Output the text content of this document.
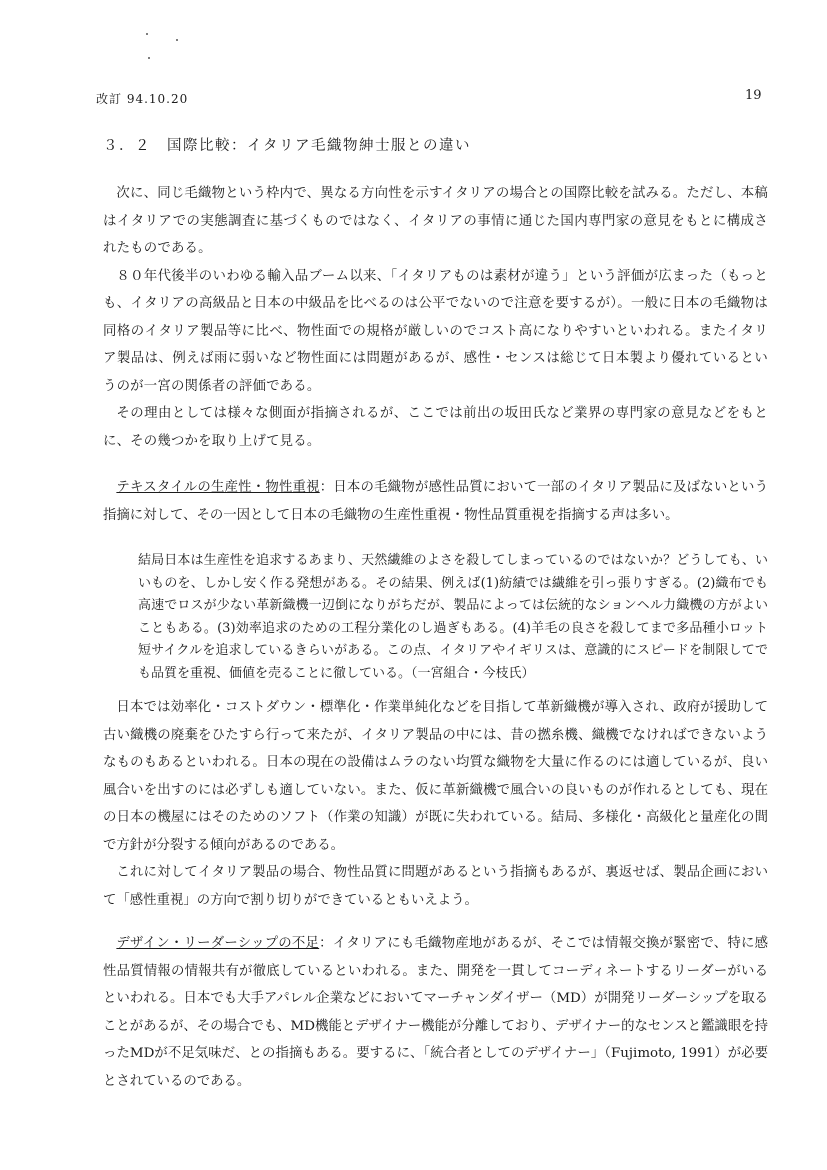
改訂 94.10.20	19
３．２　国際比較：イタリア毛織物紳士服との違い

次に、同じ毛織物という枠内で、異なる方向性を示すイタリアの場合との国際比較を試みる。ただし、本稿はイタリアでの実態調査に基づくものではなく、イタリアの事情に通じた国内専門家の意見をもとに構成されたものである。

８０年代後半のいわゆる輸入品ブーム以来、「イタリアものは素材が違う」という評価が広まった（もっとも、イタリアの高級品と日本の中級品を比べるのは公平でないので注意を要するが）。一般に日本の毛織物は同格のイタリア製品等に比べ、物性面での規格が厳しいのでコスト高になりやすいといわれる。またイタリア製品は、例えば雨に弱いなど物性面には問題があるが、感性・センスは総じて日本製より優れているというのが一宮の関係者の評価である。

その理由としては様々な側面が指摘されるが、ここでは前出の坂田氏など業界の専門家の意見などをもとに、その幾つかを取り上げて見る。

テキスタイルの生産性・物性重視：日本の毛織物が感性品質において一部のイタリア製品に及ばないという指摘に対して、その一因として日本の毛織物の生産性重視・物性品質重視を指摘する声は多い。

結局日本は生産性を追求するあまり、天然繊維のよさを殺してしまっているのではないか？どうしても、いいものを、しかし安く作る発想がある。その結果、例えば(1)紡績では繊維を引っ張りすぎる。(2)織布でも高速でロスが少ない革新織機一辺倒になりがちだが、製品によっては伝統的なションヘル力織機の方がよいこともある。(3)効率追求のための工程分業化のし過ぎもある。(4)羊毛の良さを殺してまで多品種小ロット短サイクルを追求しているきらいがある。この点、イタリアやイギリスは、意識的にスピードを制限してでも品質を重視、価値を売ることに徹している。（一宮組合・今枝氏）

日本では効率化・コストダウン・標準化・作業単純化などを目指して革新織機が導入され、政府が援助して古い織機の廃棄をひたすら行って来たが、イタリア製品の中には、昔の撚糸機、織機でなければできないようなものもあるといわれる。日本の現在の設備はムラのない均質な織物を大量に作るのには適しているが、良い風合いを出すのには必ずしも適していない。また、仮に革新織機で風合いの良いものが作れるとしても、現在の日本の機屋にはそのためのソフト（作業の知識）が既に失われている。結局、多様化・高級化と量産化の間で方針が分裂する傾向があるのである。

これに対してイタリア製品の場合、物性品質に問題があるという指摘もあるが、裏返せば、製品企画において「感性重視」の方向で割り切りができているともいえよう。

デザイン・リーダーシップの不足：イタリアにも毛織物産地があるが、そこでは情報交換が緊密で、特に感性品質情報の情報共有が徹底しているといわれる。また、開発を一貫してコーディネートするリーダーがいるといわれる。日本でも大手アパレル企業などにおいてマーチャンダイザー（MD）が開発リーダーシップを取ることがあるが、その場合でも、MD機能とデザイナー機能が分離しており、デザイナー的なセンスと鑑識眼を持ったMDが不足気味だ、との指摘もある。要するに、「統合者としてのデザイナー」（Fujimoto, 1991）が必要とされているのである。
